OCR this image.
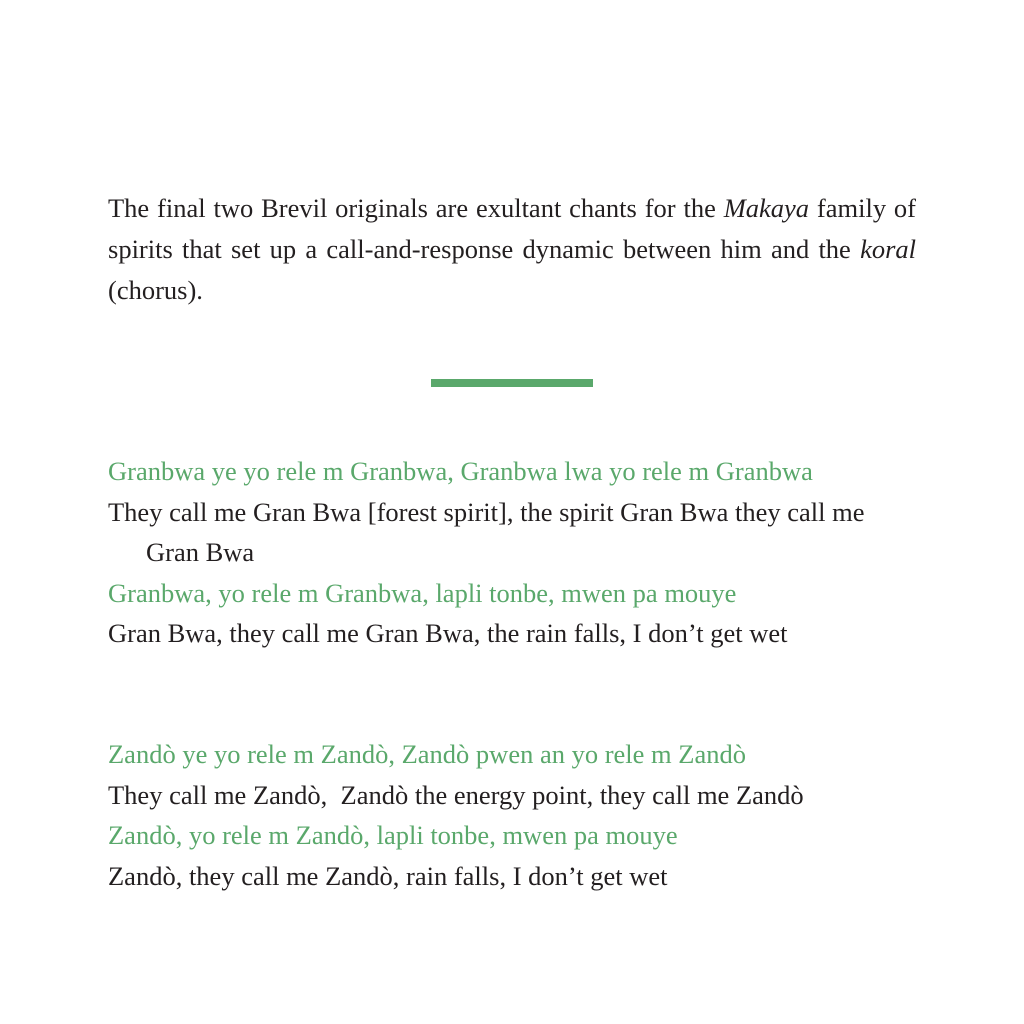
The final two Brevil originals are exultant chants for the Makaya family of spirits that set up a call-and-response dynamic between him and the koral (chorus).

Granbwa ye yo rele m Granbwa, Granbwa lwa yo rele m Granbwa
They call me Gran Bwa [forest spirit], the spirit Gran Bwa they call me Gran Bwa
Granbwa, yo rele m Granbwa, lapli tonbe, mwen pa mouye
Gran Bwa, they call me Gran Bwa, the rain falls, I don’t get wet
Zandò ye yo rele m Zandò, Zandò pwen an yo rele m Zandò
They call me Zandò,  Zandò the energy point, they call me Zandò
Zandò, yo rele m Zandò, lapli tonbe, mwen pa mouye
Zandò, they call me Zandò, rain falls, I don’t get wet
